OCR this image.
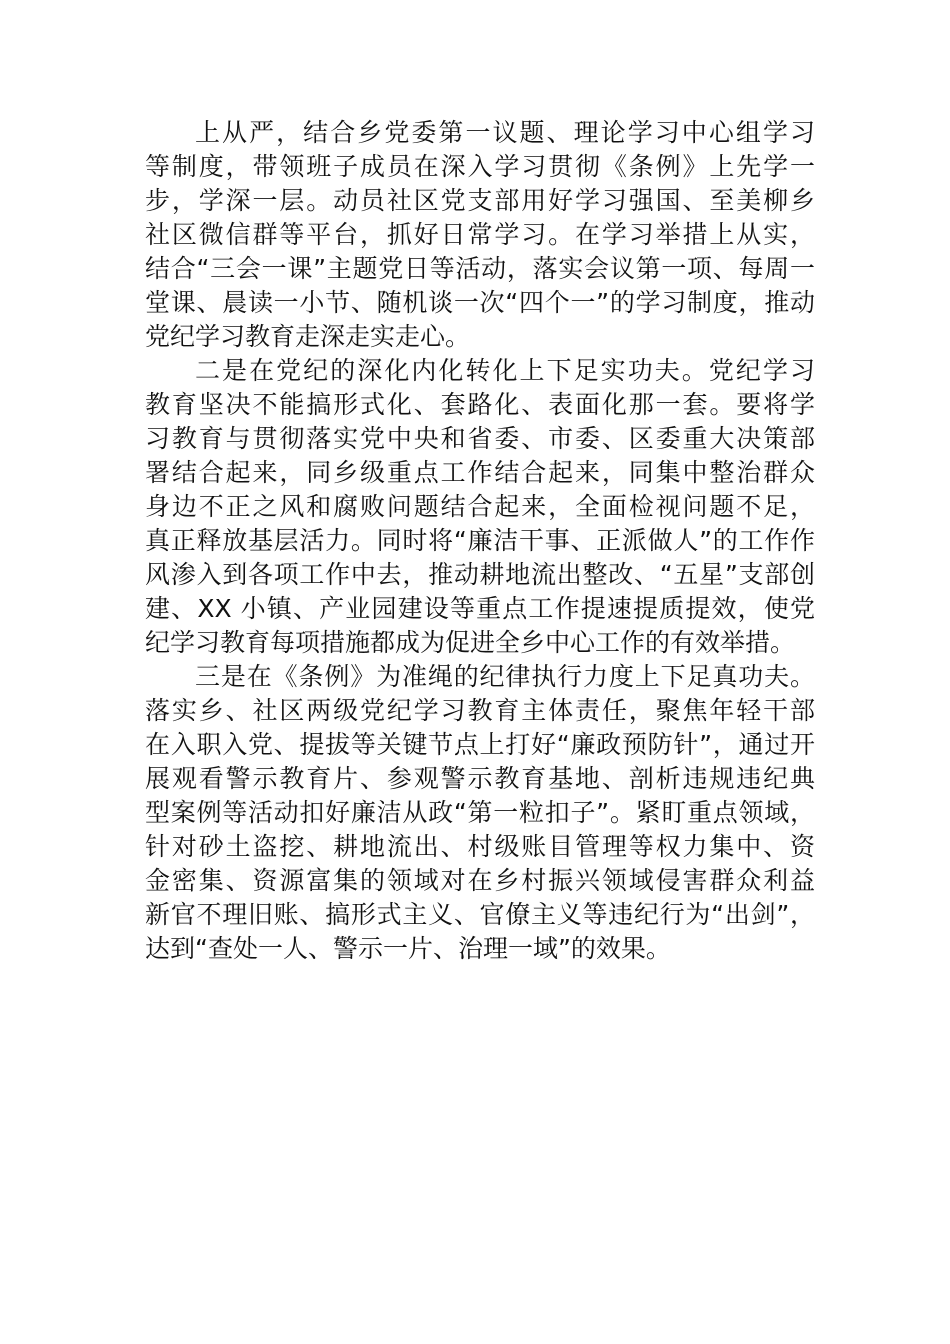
上从严，结合乡党委第一议题、理论学习中心组学习
等制度，带领班子成员在深入学习贯彻《条例》上先学一
步，学深一层。动员社区党支部用好学习强国、至美柳乡
社区微信群等平台，抓好日常学习。在学习举措上从实，
结合“三会一课”主题党日等活动，落实会议第一项、每周一
堂课、晨读一小节、随机谈一次“四个一”的学习制度，推动
党纪学习教育走深走实走心。
二是在党纪的深化内化转化上下足实功夫。党纪学习
教育坚决不能搞形式化、套路化、表面化那一套。要将学
习教育与贯彻落实党中央和省委、市委、区委重大决策部
署结合起来，同乡级重点工作结合起来，同集中整治群众
身边不正之风和腐败问题结合起来，全面检视问题不足，
真正释放基层活力。同时将“廉洁干事、正派做人”的工作作
风渗入到各项工作中去，推动耕地流出整改、“五星”支部创
建、XX 小镇、产业园建设等重点工作提速提质提效，使党
纪学习教育每项措施都成为促进全乡中心工作的有效举措。
三是在《条例》为准绳的纪律执行力度上下足真功夫。
落实乡、社区两级党纪学习教育主体责任，聚焦年轻干部
在入职入党、提拔等关键节点上打好“廉政预防针”，通过开
展观看警示教育片、参观警示教育基地、剖析违规违纪典
型案例等活动扣好廉洁从政“第一粒扣子”。紧盯重点领域，
针对砂土盗挖、耕地流出、村级账目管理等权力集中、资
金密集、资源富集的领域对在乡村振兴领域侵害群众利益
新官不理旧账、搞形式主义、官僚主义等违纪行为“出剑”，
达到“查处一人、警示一片、治理一域”的效果。
